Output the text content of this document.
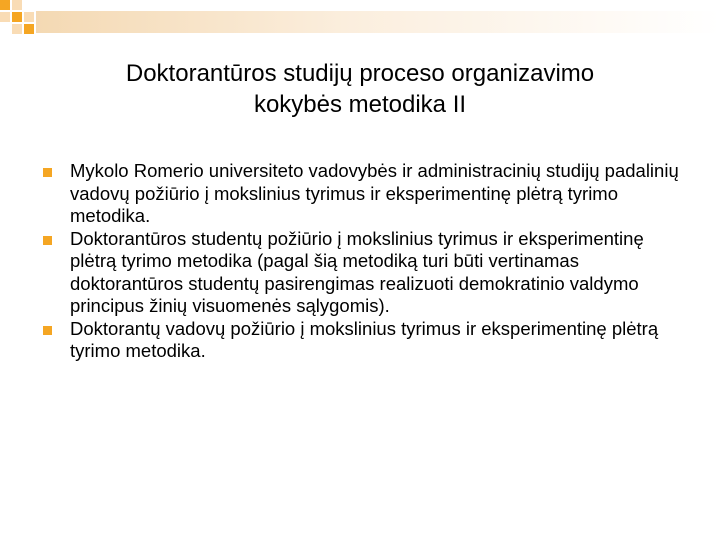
Doktorantūros studijų proceso organizavimo
kokybės metodika II
Mykolo Romerio universiteto vadovybės ir administracinių studijų padalinių vadovų požiūrio į mokslinius tyrimus ir eksperimentinę plėtrą tyrimo metodika.
Doktorantūros studentų požiūrio į mokslinius tyrimus ir eksperimentinę plėtrą tyrimo metodika (pagal šią metodiką turi būti vertinamas doktorantūros studentų pasirengimas realizuoti demokratinio valdymo principus žinių visuomenės sąlygomis).
Doktorantų vadovų požiūrio į mokslinius tyrimus ir eksperimentinę plėtrą tyrimo metodika.
